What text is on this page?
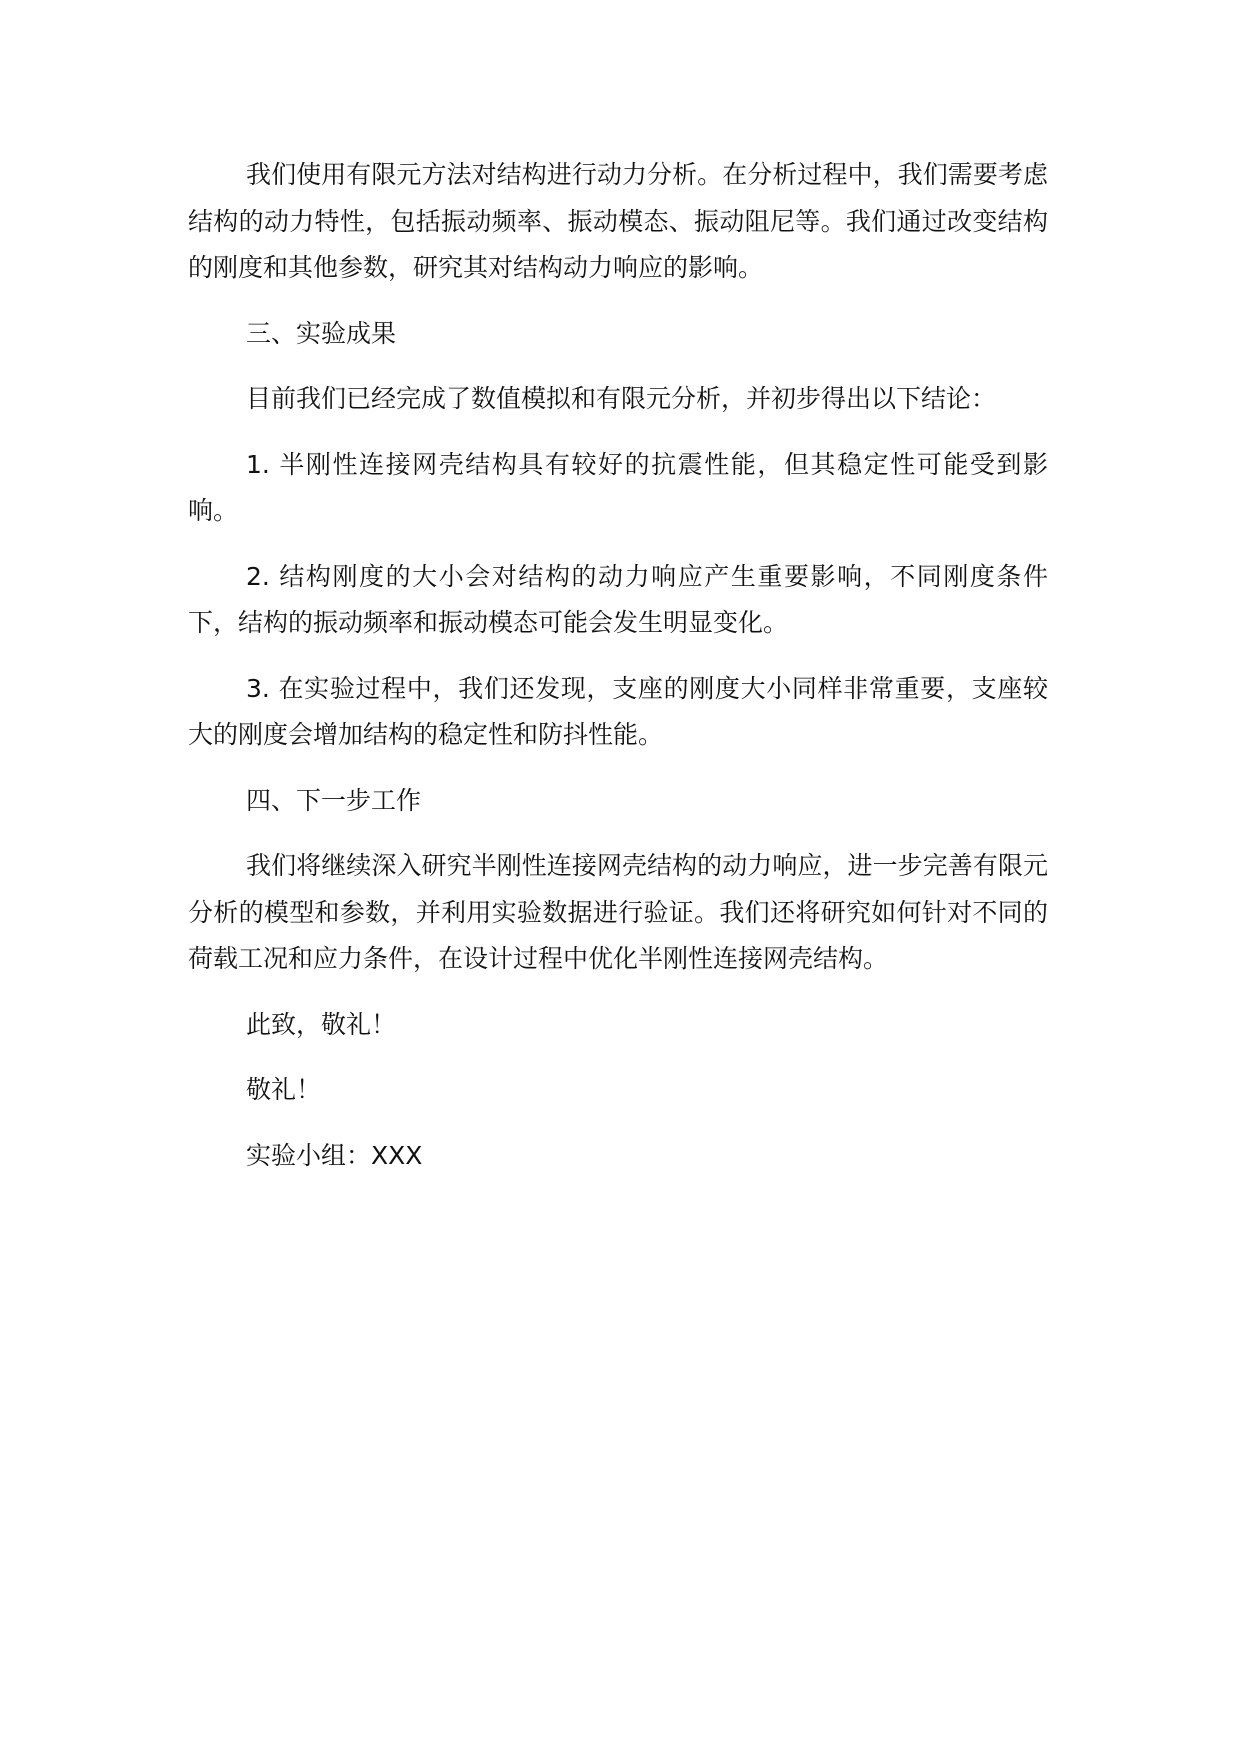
我们使用有限元方法对结构进行动力分析。在分析过程中，我们需要考虑结构的动力特性，包括振动频率、振动模态、振动阻尼等。我们通过改变结构的刚度和其他参数，研究其对结构动力响应的影响。

三、实验成果

目前我们已经完成了数值模拟和有限元分析，并初步得出以下结论：

1. 半刚性连接网壳结构具有较好的抗震性能，但其稳定性可能受到影响。

2. 结构刚度的大小会对结构的动力响应产生重要影响，不同刚度条件下，结构的振动频率和振动模态可能会发生明显变化。

3. 在实验过程中，我们还发现，支座的刚度大小同样非常重要，支座较大的刚度会增加结构的稳定性和防抖性能。

四、下一步工作

我们将继续深入研究半刚性连接网壳结构的动力响应，进一步完善有限元分析的模型和参数，并利用实验数据进行验证。我们还将研究如何针对不同的荷载工况和应力条件，在设计过程中优化半刚性连接网壳结构。

此致，敬礼！

敬礼！

实验小组：XXX
